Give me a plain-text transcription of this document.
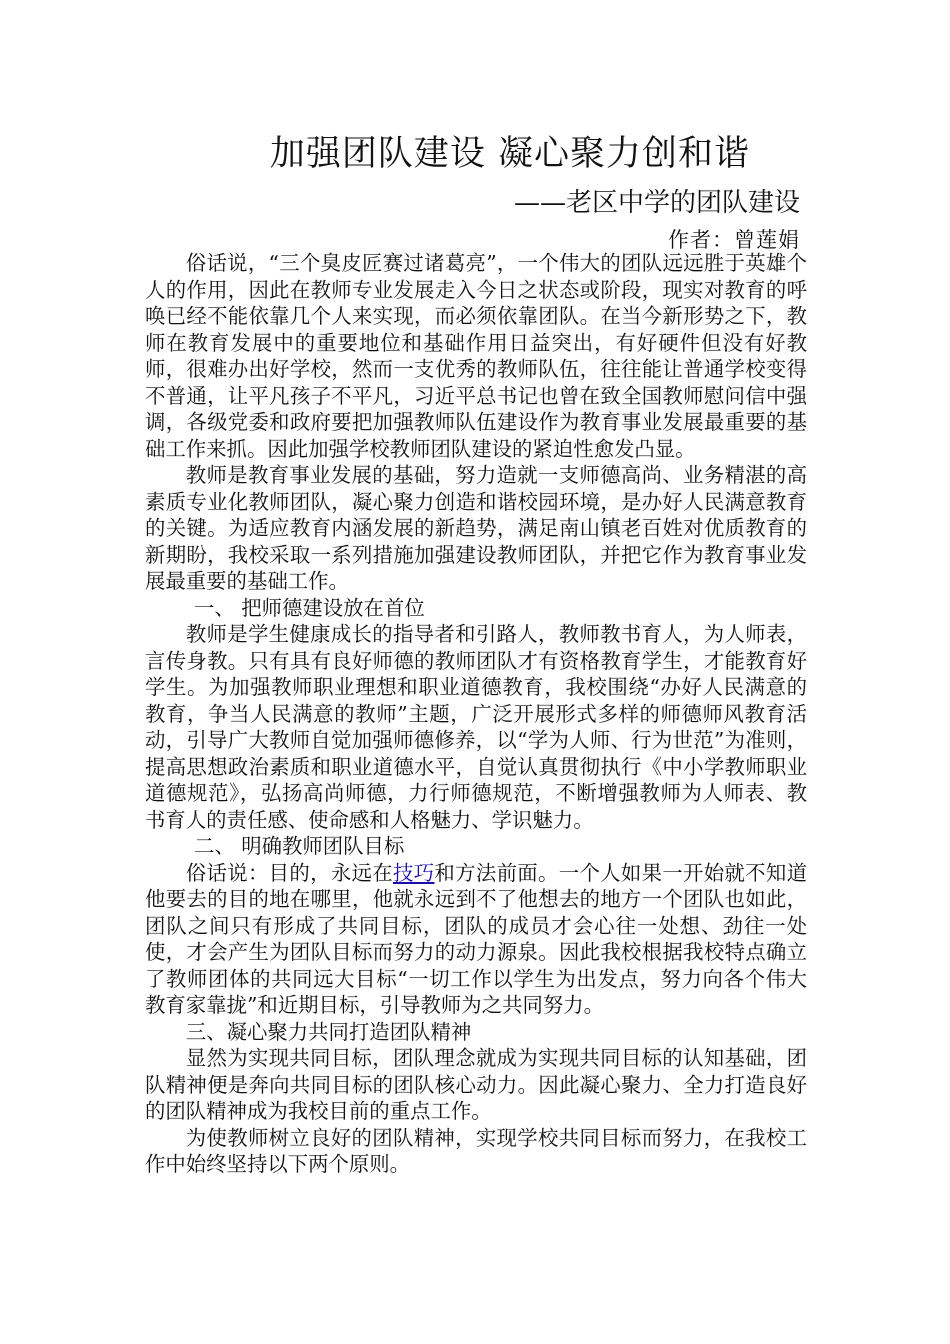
加强团队建设 凝心聚力创和谐
——老区中学的团队建设
作者：曾莲娟

俗话说，“三个臭皮匠赛过诸葛亮”，一个伟大的团队远远胜于英雄个人的作用，因此在教师专业发展走入今日之状态或阶段，现实对教育的呼唤已经不能依靠几个人来实现，而必须依靠团队。在当今新形势之下，教师在教育发展中的重要地位和基础作用日益突出，有好硬件但没有好教师，很难办出好学校，然而一支优秀的教师队伍，往往能让普通学校变得不普通，让平凡孩子不平凡，习近平总书记也曾在致全国教师慰问信中强调，各级党委和政府要把加强教师队伍建设作为教育事业发展最重要的基础工作来抓。因此加强学校教师团队建设的紧迫性愈发凸显。

教师是教育事业发展的基础，努力造就一支师德高尚、业务精湛的高素质专业化教师团队，凝心聚力创造和谐校园环境，是办好人民满意教育的关键。为适应教育内涵发展的新趋势，满足南山镇老百姓对优质教育的新期盼，我校采取一系列措施加强建设教师团队，并把它作为教育事业发展最重要的基础工作。

一、 把师德建设放在首位

教师是学生健康成长的指导者和引路人，教师教书育人，为人师表，言传身教。只有具有良好师德的教师团队才有资格教育学生，才能教育好学生。为加强教师职业理想和职业道德教育，我校围绕“办好人民满意的教育，争当人民满意的教师”主题，广泛开展形式多样的师德师风教育活动，引导广大教师自觉加强师德修养，以“学为人师、行为世范”为准则，提高思想政治素质和职业道德水平，自觉认真贯彻执行《中小学教师职业道德规范》，弘扬高尚师德，力行师德规范，不断增强教师为人师表、教书育人的责任感、使命感和人格魅力、学识魅力。

二、 明确教师团队目标

俗话说：目的，永远在技巧和方法前面。一个人如果一开始就不知道他要去的目的地在哪里，他就永远到不了他想去的地方一个团队也如此，团队之间只有形成了共同目标，团队的成员才会心往一处想、劲往一处使，才会产生为团队目标而努力的动力源泉。因此我校根据我校特点确立了教师团体的共同远大目标“一切工作以学生为出发点，努力向各个伟大教育家靠拢”和近期目标，引导教师为之共同努力。

三、凝心聚力共同打造团队精神

显然为实现共同目标，团队理念就成为实现共同目标的认知基础，团队精神便是奔向共同目标的团队核心动力。因此凝心聚力、全力打造良好的团队精神成为我校目前的重点工作。

为使教师树立良好的团队精神，实现学校共同目标而努力，在我校工作中始终坚持以下两个原则。
